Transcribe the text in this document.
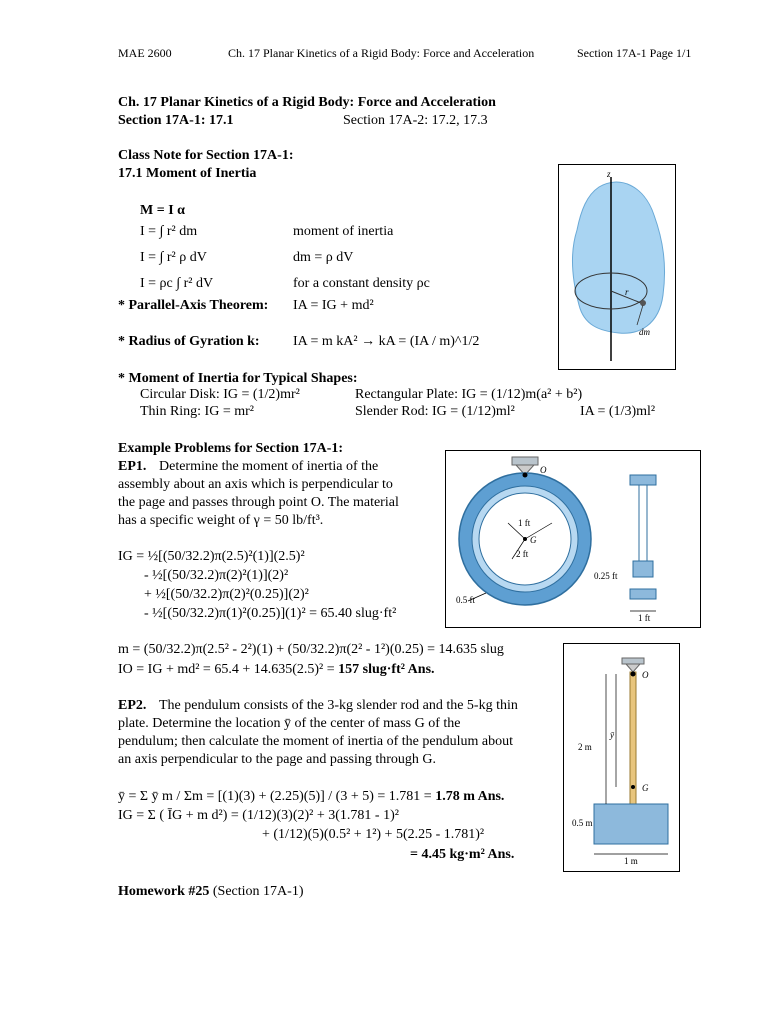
MAE 2600	Ch. 17 Planar Kinetics of a Rigid Body: Force and Acceleration	Section 17A-1 Page 1/1
Ch. 17 Planar Kinetics of a Rigid Body: Force and Acceleration
Section 17A-1: 17.1	Section 17A-2: 17.2, 17.3
Class Note for Section 17A-1:
17.1 Moment of Inertia
M = I α
I = ∫ r² dm	moment of inertia
I = ∫ r² ρ dV	dm = ρ dV
I = ρc ∫ r² dV	for a constant density ρc
* Parallel-Axis Theorem: IA = IG + md²
* Radius of Gyration k: IA = m kA² → kA = (IA / m)^1/2
* Moment of Inertia for Typical Shapes:
Circular Disk: IG = (1/2)mr²	Rectangular Plate: IG = (1/12)m(a² + b²)
Thin Ring: IG = mr²	Slender Rod: IG = (1/12)ml²	IA = (1/3)ml²
z
r
dm
Example Problems for Section 17A-1:
EP1. Determine the moment of inertia of the
assembly about an axis which is perpendicular to
the page and passes through point O. The material
has a specific weight of γ = 50 lb/ft³.
IG = ½[(50/32.2)π(2.5)²(1)](2.5)²
- ½[(50/32.2)π(2)²(1)](2)²
+ ½[(50/32.2)π(2)²(0.25)](2)²
- ½[(50/32.2)π(1)²(0.25)](1)² = 65.40 slug·ft²
m = (50/32.2)π(2.5² - 2²)(1) + (50/32.2)π(2² - 1²)(0.25) = 14.635 slug
IO = IG + md² = 65.4 + 14.635(2.5)² = 157 slug·ft² Ans.
EP2. The pendulum consists of the 3-kg slender rod and the 5-kg thin
plate. Determine the location ȳ of the center of mass G of the
pendulum; then calculate the moment of inertia of the pendulum about
an axis perpendicular to the page and passing through G.
ȳ = Σ ȳ m / Σm = [(1)(3) + (2.25)(5)] / (3 + 5) = 1.781 = 1.78 m Ans.
IG = Σ ( ĪG + m d²) = (1/12)(3)(2)² + 3(1.781 - 1)²
+ (1/12)(5)(0.5² + 1²) + 5(2.25 - 1.781)²
= 4.45 kg·m² Ans.
Homework #25 (Section 17A-1)
O
1 ft
G
2 ft
0.5 ft
0.25 ft
1 ft
O
ȳ
2 m
G
0.5 m
1 m
